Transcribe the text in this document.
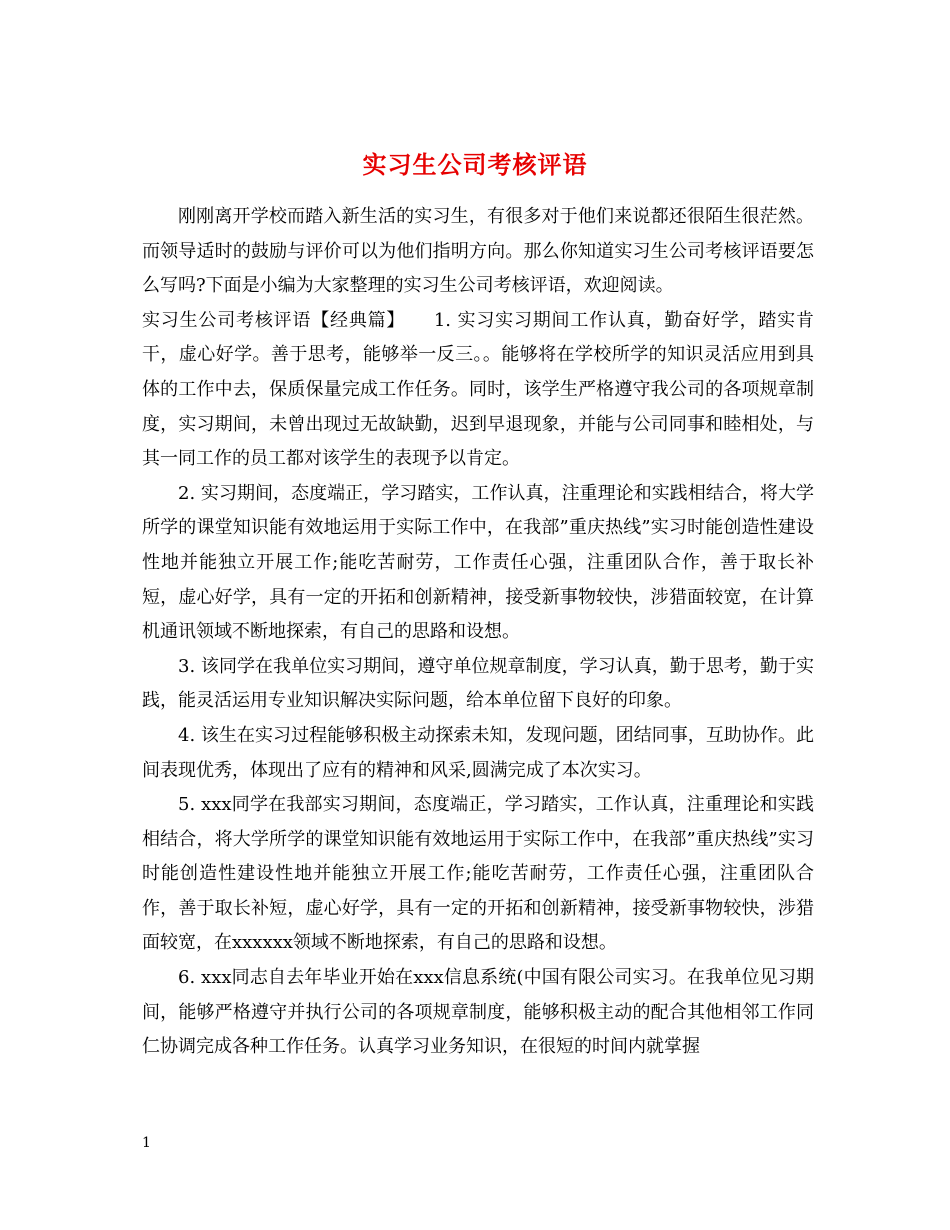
实习生公司考核评语

刚刚离开学校而踏入新生活的实习生，有很多对于他们来说都还很陌生很茫然。而领导适时的鼓励与评价可以为他们指明方向。那么你知道实习生公司考核评语要怎么写吗?下面是小编为大家整理的实习生公司考核评语，欢迎阅读。

实习生公司考核评语【经典篇】　　1. 实习实习期间工作认真，勤奋好学，踏实肯干，虚心好学。善于思考，能够举一反三。。能够将在学校所学的知识灵活应用到具体的工作中去，保质保量完成工作任务。同时，该学生严格遵守我公司的各项规章制度，实习期间，未曾出现过无故缺勤，迟到早退现象，并能与公司同事和睦相处，与其一同工作的员工都对该学生的表现予以肯定。

2. 实习期间，态度端正，学习踏实，工作认真，注重理论和实践相结合，将大学所学的课堂知识能有效地运用于实际工作中，在我部”重庆热线”实习时能创造性建设性地并能独立开展工作;能吃苦耐劳，工作责任心强，注重团队合作，善于取长补短，虚心好学，具有一定的开拓和创新精神，接受新事物较快，涉猎面较宽，在计算机通讯领域不断地探索，有自己的思路和设想。

3. 该同学在我单位实习期间，遵守单位规章制度，学习认真，勤于思考，勤于实践，能灵活运用专业知识解决实际问题，给本单位留下良好的印象。

4. 该生在实习过程能够积极主动探索未知，发现问题，团结同事，互助协作。此间表现优秀，体现出了应有的精神和风采,圆满完成了本次实习。

5. xxx同学在我部实习期间，态度端正，学习踏实，工作认真，注重理论和实践相结合，将大学所学的课堂知识能有效地运用于实际工作中，在我部”重庆热线”实习时能创造性建设性地并能独立开展工作;能吃苦耐劳，工作责任心强，注重团队合作，善于取长补短，虚心好学，具有一定的开拓和创新精神，接受新事物较快，涉猎面较宽，在xxxxxx领域不断地探索，有自己的思路和设想。

6. xxx同志自去年毕业开始在xxx信息系统(中国有限公司实习。在我单位见习期间，能够严格遵守并执行公司的各项规章制度，能够积极主动的配合其他相邻工作同仁协调完成各种工作任务。认真学习业务知识，在很短的时间内就掌握

1
